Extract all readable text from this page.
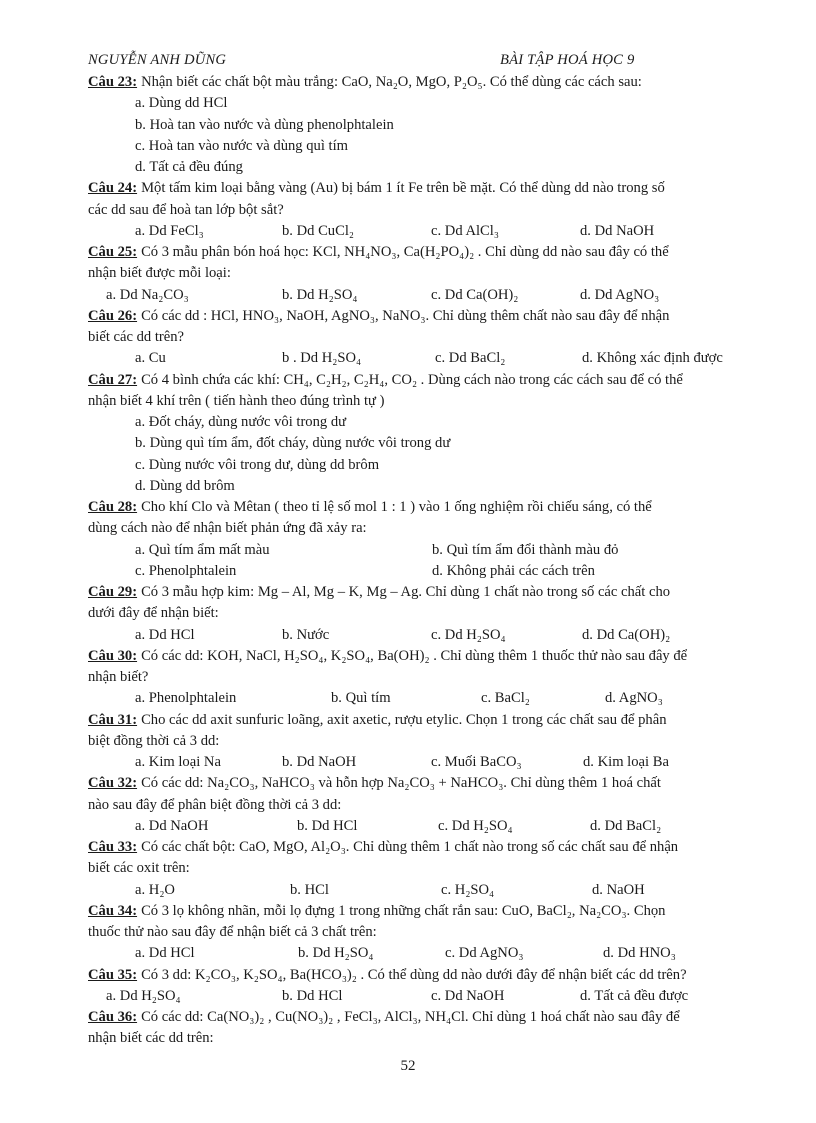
NGUYỄN ANH DŨNG	BÀI TẬP HOÁ HỌC 9
Câu 23: Nhận biết các chất bột màu trắng: CaO, Na₂O, MgO, P₂O₅. Có thể dùng các cách sau:
a. Dùng dd HCl
b. Hoà tan vào nước và dùng phenolphtalein
c. Hoà tan vào nước và dùng quì tím
d. Tất cả đều đúng
Câu 24: Một tấm kim loại bằng vàng (Au) bị bám 1 ít Fe trên bề mặt. Có thể dùng dd nào trong số
các dd sau để hoà tan lớp bột sắt?
a. Dd FeCl₃	b. Dd CuCl₂	c. Dd AlCl₃	d. Dd NaOH
Câu 25: Có 3 mẫu phân bón hoá học: KCl, NH₄NO₃, Ca(H₂PO₄)₂ . Chỉ dùng dd nào sau đây có thể
nhận biết được mỗi loại:
a. Dd Na₂CO₃	b. Dd H₂SO₄	c. Dd Ca(OH)₂	d. Dd AgNO₃
Câu 26: Có các dd : HCl, HNO₃, NaOH, AgNO₃, NaNO₃. Chỉ dùng thêm chất nào sau đây để nhận
biết các dd trên?
a. Cu	b . Dd H₂SO₄	c. Dd BaCl₂	d. Không xác định được
Câu 27: Có 4 bình chứa các khí: CH₄, C₂H₂, C₂H₄, CO₂ . Dùng cách nào trong các cách sau để có thể
nhận biết 4 khí trên ( tiến hành theo đúng trình tự )
a. Đốt cháy, dùng nước vôi trong dư
b. Dùng quì tím ẩm, đốt cháy, dùng nước vôi trong dư
c. Dùng nước vôi trong dư, dùng dd brôm
d. Dùng dd brôm
Câu 28: Cho khí Clo và Mêtan ( theo tỉ lệ số mol 1 : 1 ) vào 1 ống nghiệm rồi chiếu sáng, có thể
dùng cách nào để nhận biết phản ứng đã xảy ra:
a. Quì tím ẩm mất màu	b. Quì tím ẩm đổi thành màu đỏ
c. Phenolphtalein	d. Không phải các cách trên
Câu 29: Có 3 mẫu hợp kim: Mg – Al, Mg – K, Mg – Ag. Chỉ dùng 1 chất nào trong số các chất cho
dưới đây để nhận biết:
a. Dd HCl	b. Nước	c. Dd H₂SO₄	d. Dd Ca(OH)₂
Câu 30: Có các dd: KOH, NaCl, H₂SO₄, K₂SO₄, Ba(OH)₂ . Chỉ dùng thêm 1 thuốc thử nào sau đây để
nhận biết?
a. Phenolphtalein	b. Quì tím	c. BaCl₂	d. AgNO₃
Câu 31: Cho các dd axit sunfuric loãng, axit axetic, rượu etylic. Chọn 1 trong các chất sau để phân
biệt đồng thời cả 3 dd:
a. Kim loại Na	b. Dd NaOH	c. Muối BaCO₃	d. Kim loại Ba
Câu 32: Có các dd: Na₂CO₃, NaHCO₃ và hỗn hợp Na₂CO₃ + NaHCO₃. Chỉ dùng thêm 1 hoá chất
nào sau đây để phân biệt đồng thời cả 3 dd:
a. Dd NaOH	b. Dd HCl	c. Dd H₂SO₄	d. Dd BaCl₂
Câu 33: Có các chất bột: CaO, MgO, Al₂O₃. Chỉ dùng thêm 1 chất nào trong số các chất sau để nhận
biết các oxit trên:
a. H₂O	b. HCl	c. H₂SO₄	d. NaOH
Câu 34: Có 3 lọ không nhãn, mỗi lọ đựng 1 trong những chất rắn sau: CuO, BaCl₂, Na₂CO₃. Chọn
thuốc thử nào sau đây để nhận biết cả 3 chất trên:
a. Dd HCl	b. Dd H₂SO₄	c. Dd AgNO₃	d. Dd HNO₃
Câu 35: Có 3 dd: K₂CO₃, K₂SO₄, Ba(HCO₃)₂ . Có thể dùng dd nào dưới đây để nhận biết các dd trên?
a. Dd H₂SO₄	b. Dd HCl	c. Dd NaOH	d. Tất cả đều được
Câu 36: Có các dd: Ca(NO₃)₂ , Cu(NO₃)₂ , FeCl₃, AlCl₃, NH₄Cl. Chỉ dùng 1 hoá chất nào sau đây để
nhận biết các dd trên:
52
